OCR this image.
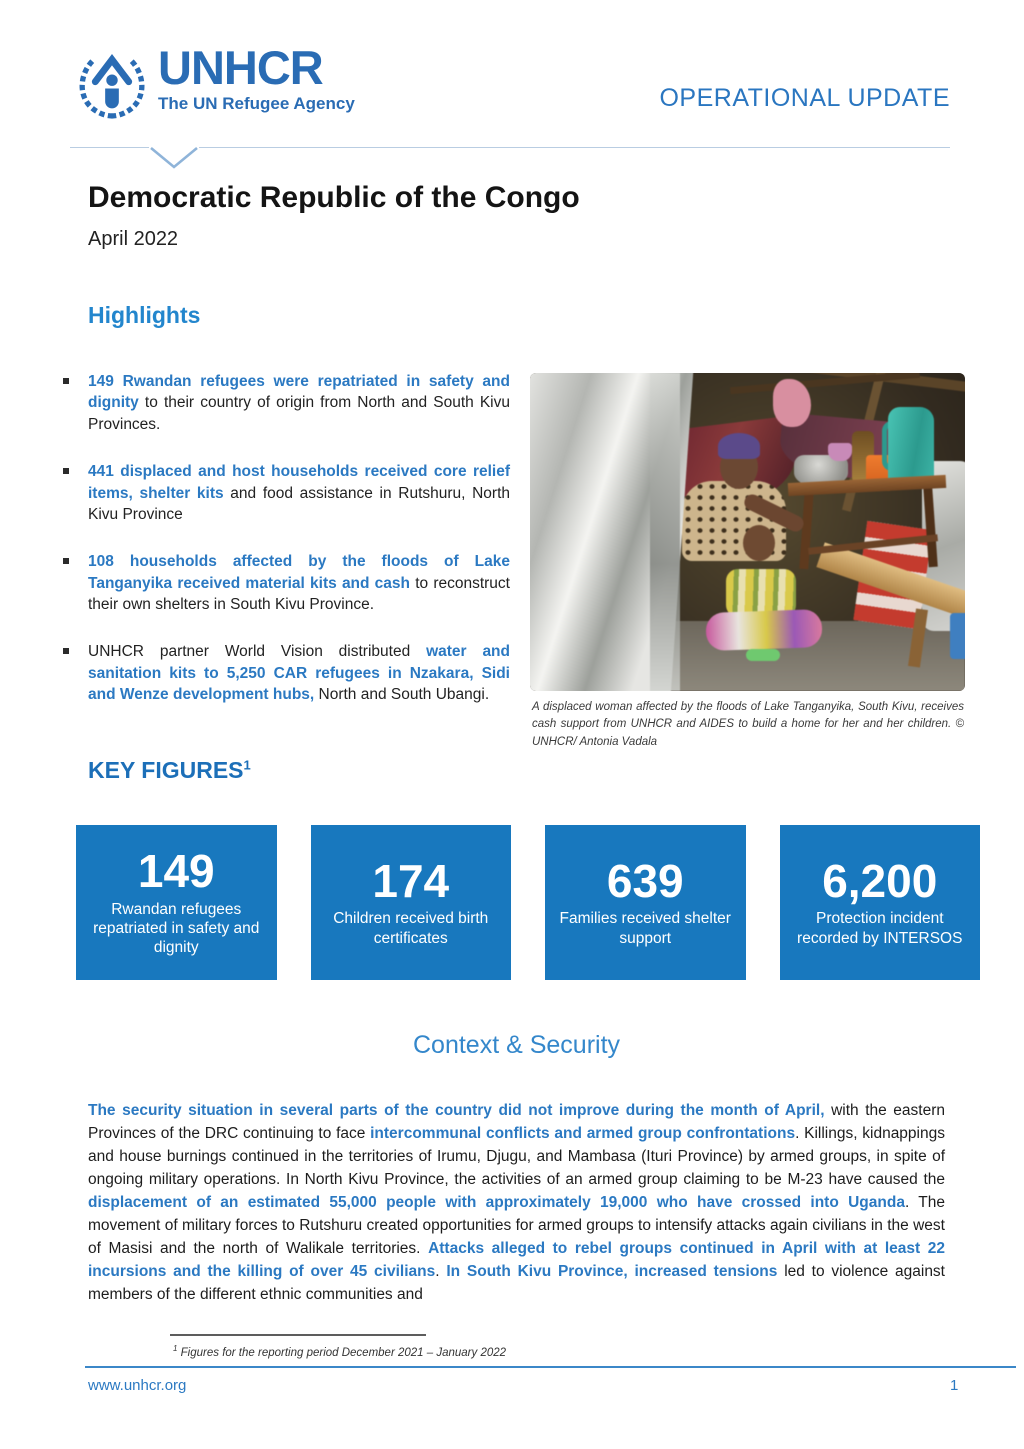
UNHCR
The UN Refugee Agency	OPERATIONAL UPDATE
Democratic Republic of the Congo
April 2022
Highlights
149 Rwandan refugees were repatriated in safety and dignity to their country of origin from North and South Kivu Provinces.
441 displaced and host households received core relief items, shelter kits and food assistance in Rutshuru, North Kivu Province
108 households affected by the floods of Lake Tanganyika received material kits and cash to reconstruct their own shelters in South Kivu Province.
UNHCR partner World Vision distributed water and sanitation kits to 5,250 CAR refugees in Nzakara, Sidi and Wenze development hubs, North and South Ubangi.
A displaced woman affected by the floods of Lake Tanganyika, South Kivu, receives cash support from UNHCR and AIDES to build a home for her and her children. © UNHCR/ Antonia Vadala
KEY FIGURES$^1$
149
Rwandan refugees repatriated in safety and dignity
174
Children received birth certificates
639
Families received shelter support
6,200
Protection incident recorded by INTERSOS
Context & Security
The security situation in several parts of the country did not improve during the month of April, with the eastern Provinces of the DRC continuing to face intercommunal conflicts and armed group confrontations. Killings, kidnappings and house burnings continued in the territories of Irumu, Djugu, and Mambasa (Ituri Province) by armed groups, in spite of ongoing military operations. In North Kivu Province, the activities of an armed group claiming to be M-23 have caused the displacement of an estimated 55,000 people with approximately 19,000 who have crossed into Uganda. The movement of military forces to Rutshuru created opportunities for armed groups to intensify attacks again civilians in the west of Masisi and the north of Walikale territories. Attacks alleged to rebel groups continued in April with at least 22 incursions and the killing of over 45 civilians. In South Kivu Province, increased tensions led to violence against members of the different ethnic communities and
$^1$ Figures for the reporting period December 2021 – January 2022
www.unhcr.org	1
